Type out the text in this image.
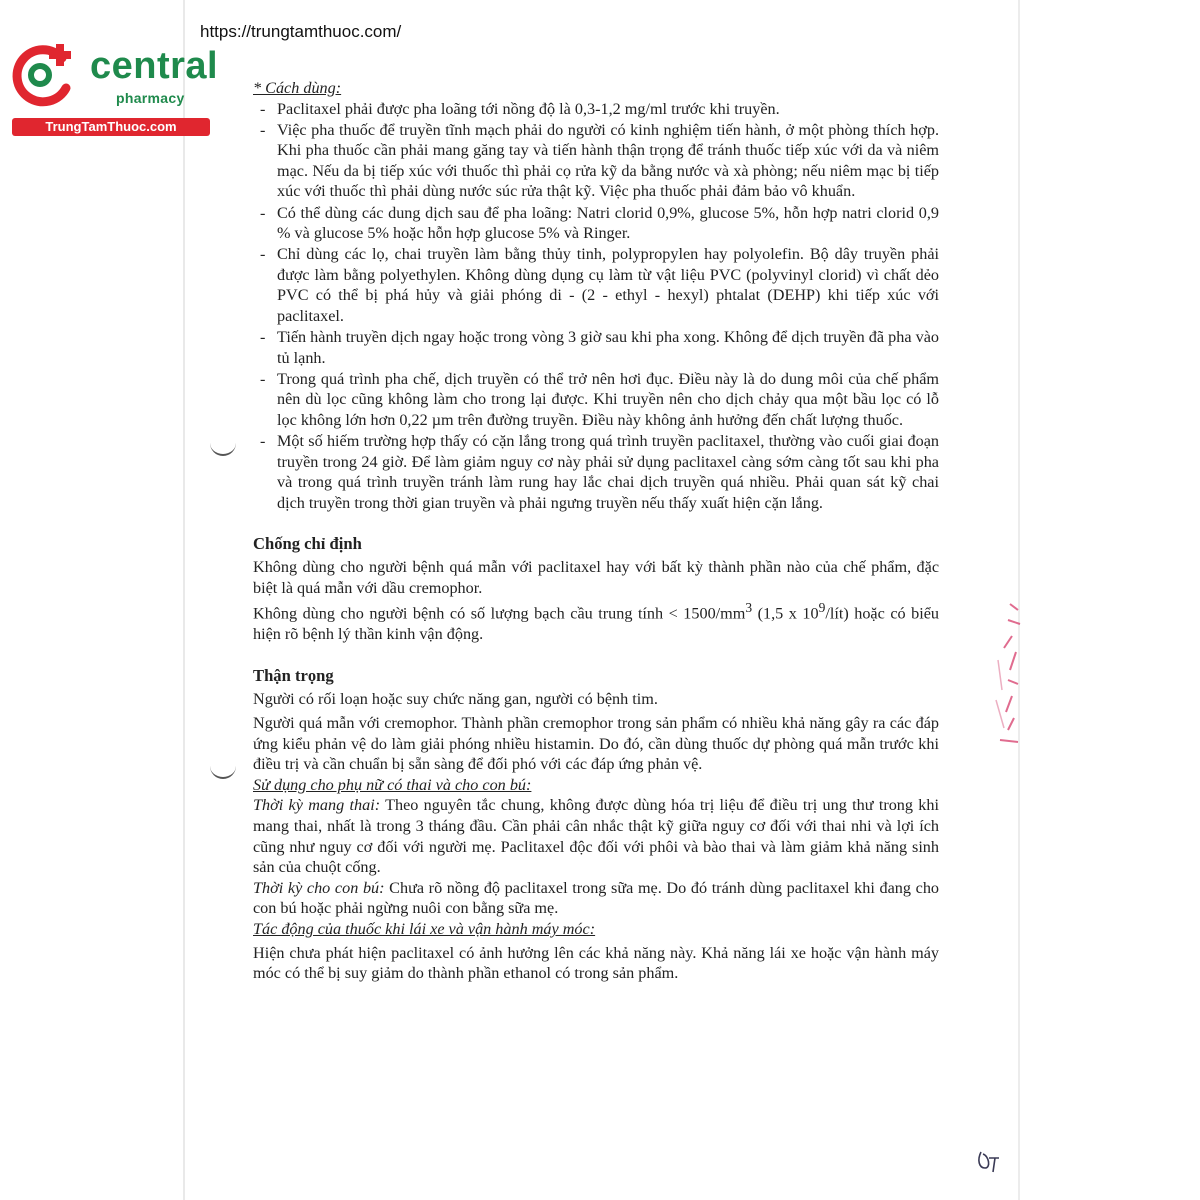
https://trungtamthuoc.com/
central
pharmacy
TrungTamThuoc.com
* Cách dùng:
- Paclitaxel phải được pha loãng tới nồng độ là 0,3-1,2 mg/ml trước khi truyền.
- Việc pha thuốc để truyền tĩnh mạch phải do người có kinh nghiệm tiến hành, ở một phòng thích hợp. Khi pha thuốc cần phải mang găng tay và tiến hành thận trọng để tránh thuốc tiếp xúc với da và niêm mạc. Nếu da bị tiếp xúc với thuốc thì phải cọ rửa kỹ da bằng nước và xà phòng; nếu niêm mạc bị tiếp xúc với thuốc thì phải dùng nước súc rửa thật kỹ. Việc pha thuốc phải đảm bảo vô khuẩn.
- Có thể dùng các dung dịch sau để pha loãng: Natri clorid 0,9%, glucose 5%, hỗn hợp natri clorid 0,9 % và glucose 5% hoặc hỗn hợp glucose 5% và Ringer.
- Chỉ dùng các lọ, chai truyền làm bằng thủy tinh, polypropylen hay polyolefin. Bộ dây truyền phải được làm bằng polyethylen. Không dùng dụng cụ làm từ vật liệu PVC (polyvinyl clorid) vì chất dẻo PVC có thể bị phá hủy và giải phóng di - (2 - ethyl - hexyl) phtalat (DEHP) khi tiếp xúc với paclitaxel.
- Tiến hành truyền dịch ngay hoặc trong vòng 3 giờ sau khi pha xong. Không để dịch truyền đã pha vào tủ lạnh.
- Trong quá trình pha chế, dịch truyền có thể trở nên hơi đục. Điều này là do dung môi của chế phẩm nên dù lọc cũng không làm cho trong lại được. Khi truyền nên cho dịch chảy qua một bầu lọc có lỗ lọc không lớn hơn 0,22 µm trên đường truyền. Điều này không ảnh hưởng đến chất lượng thuốc.
- Một số hiếm trường hợp thấy có cặn lắng trong quá trình truyền paclitaxel, thường vào cuối giai đoạn truyền trong 24 giờ. Để làm giảm nguy cơ này phải sử dụng paclitaxel càng sớm càng tốt sau khi pha và trong quá trình truyền tránh làm rung hay lắc chai dịch truyền quá nhiều. Phải quan sát kỹ chai dịch truyền trong thời gian truyền và phải ngưng truyền nếu thấy xuất hiện cặn lắng.
Chống chỉ định

Không dùng cho người bệnh quá mẫn với paclitaxel hay với bất kỳ thành phần nào của chế phẩm, đặc biệt là quá mẫn với dầu cremophor.

Không dùng cho người bệnh có số lượng bạch cầu trung tính < $1500/mm^3$ (1,5 x $10^9/lít$) hoặc có biểu hiện rõ bệnh lý thần kinh vận động.

Thận trọng

Người có rối loạn hoặc suy chức năng gan, người có bệnh tim.

Người quá mẫn với cremophor. Thành phần cremophor trong sản phẩm có nhiều khả năng gây ra các đáp ứng kiểu phản vệ do làm giải phóng nhiều histamin. Do đó, cần dùng thuốc dự phòng quá mẫn trước khi điều trị và cần chuẩn bị sẵn sàng để đối phó với các đáp ứng phản vệ.

Sử dụng cho phụ nữ có thai và cho con bú:

Thời kỳ mang thai: Theo nguyên tắc chung, không được dùng hóa trị liệu để điều trị ung thư trong khi mang thai, nhất là trong 3 tháng đầu. Cần phải cân nhắc thật kỹ giữa nguy cơ đối với thai nhi và lợi ích cũng như nguy cơ đối với người mẹ. Paclitaxel độc đối với phôi và bào thai và làm giảm khả năng sinh sản của chuột cống.

Thời kỳ cho con bú: Chưa rõ nồng độ paclitaxel trong sữa mẹ. Do đó tránh dùng paclitaxel khi đang cho con bú hoặc phải ngừng nuôi con bằng sữa mẹ.

Tác động của thuốc khi lái xe và vận hành máy móc:

Hiện chưa phát hiện paclitaxel có ảnh hưởng lên các khả năng này. Khả năng lái xe hoặc vận hành máy móc có thể bị suy giảm do thành phần ethanol có trong sản phẩm.
